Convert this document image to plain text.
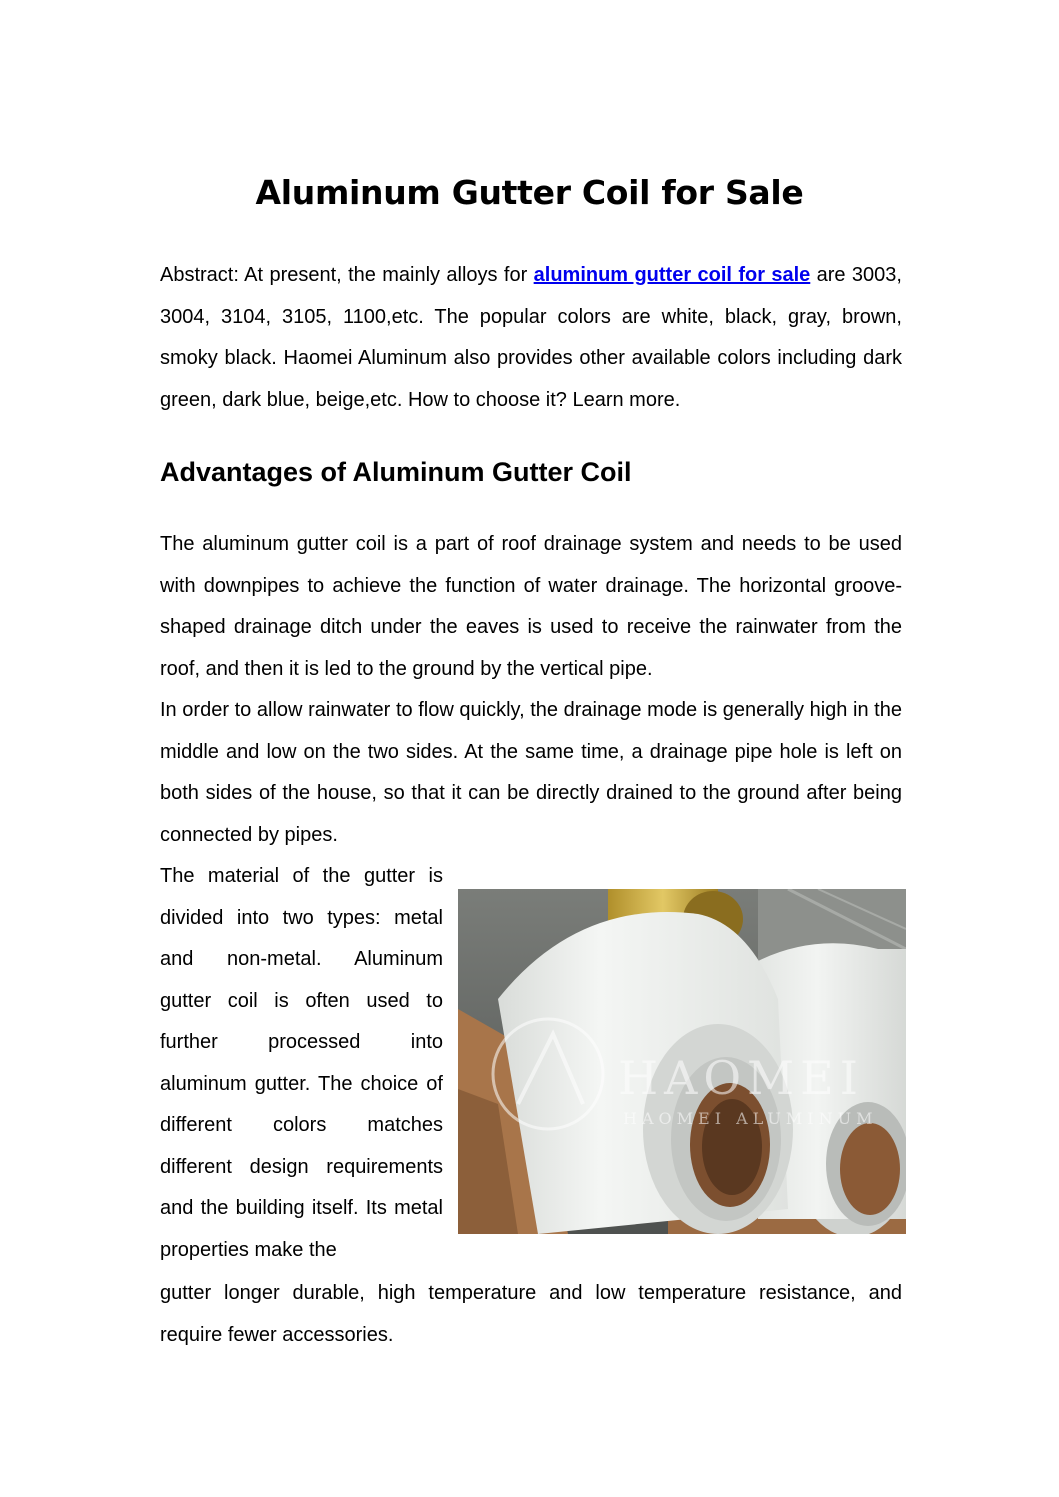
Aluminum Gutter Coil for Sale

Abstract: At present, the mainly alloys for aluminum gutter coil for sale are 3003, 3004, 3104, 3105, 1100,etc. The popular colors are white, black, gray, brown, smoky black. Haomei Aluminum also provides other available colors including dark green, dark blue, beige,etc. How to choose it? Learn more.

Advantages of Aluminum Gutter Coil

The aluminum gutter coil is a part of roof drainage system and needs to be used with downpipes to achieve the function of water drainage. The horizontal groove-shaped drainage ditch under the eaves is used to receive the rainwater from the roof, and then it is led to the ground by the vertical pipe.

In order to allow rainwater to flow quickly, the drainage mode is generally high in the middle and low on the two sides. At the same time, a drainage pipe hole is left on both sides of the house, so that it can be directly drained to the ground after being connected by pipes.

The material of the gutter is divided into two types: metal and non-metal. Aluminum gutter coil is often used to further processed into aluminum gutter. The choice of different colors matches different design requirements and the building itself. Its metal properties make the

HAOMEI
HAOMEI ALUMINUM

gutter longer durable, high temperature and low temperature resistance, and require fewer accessories.
